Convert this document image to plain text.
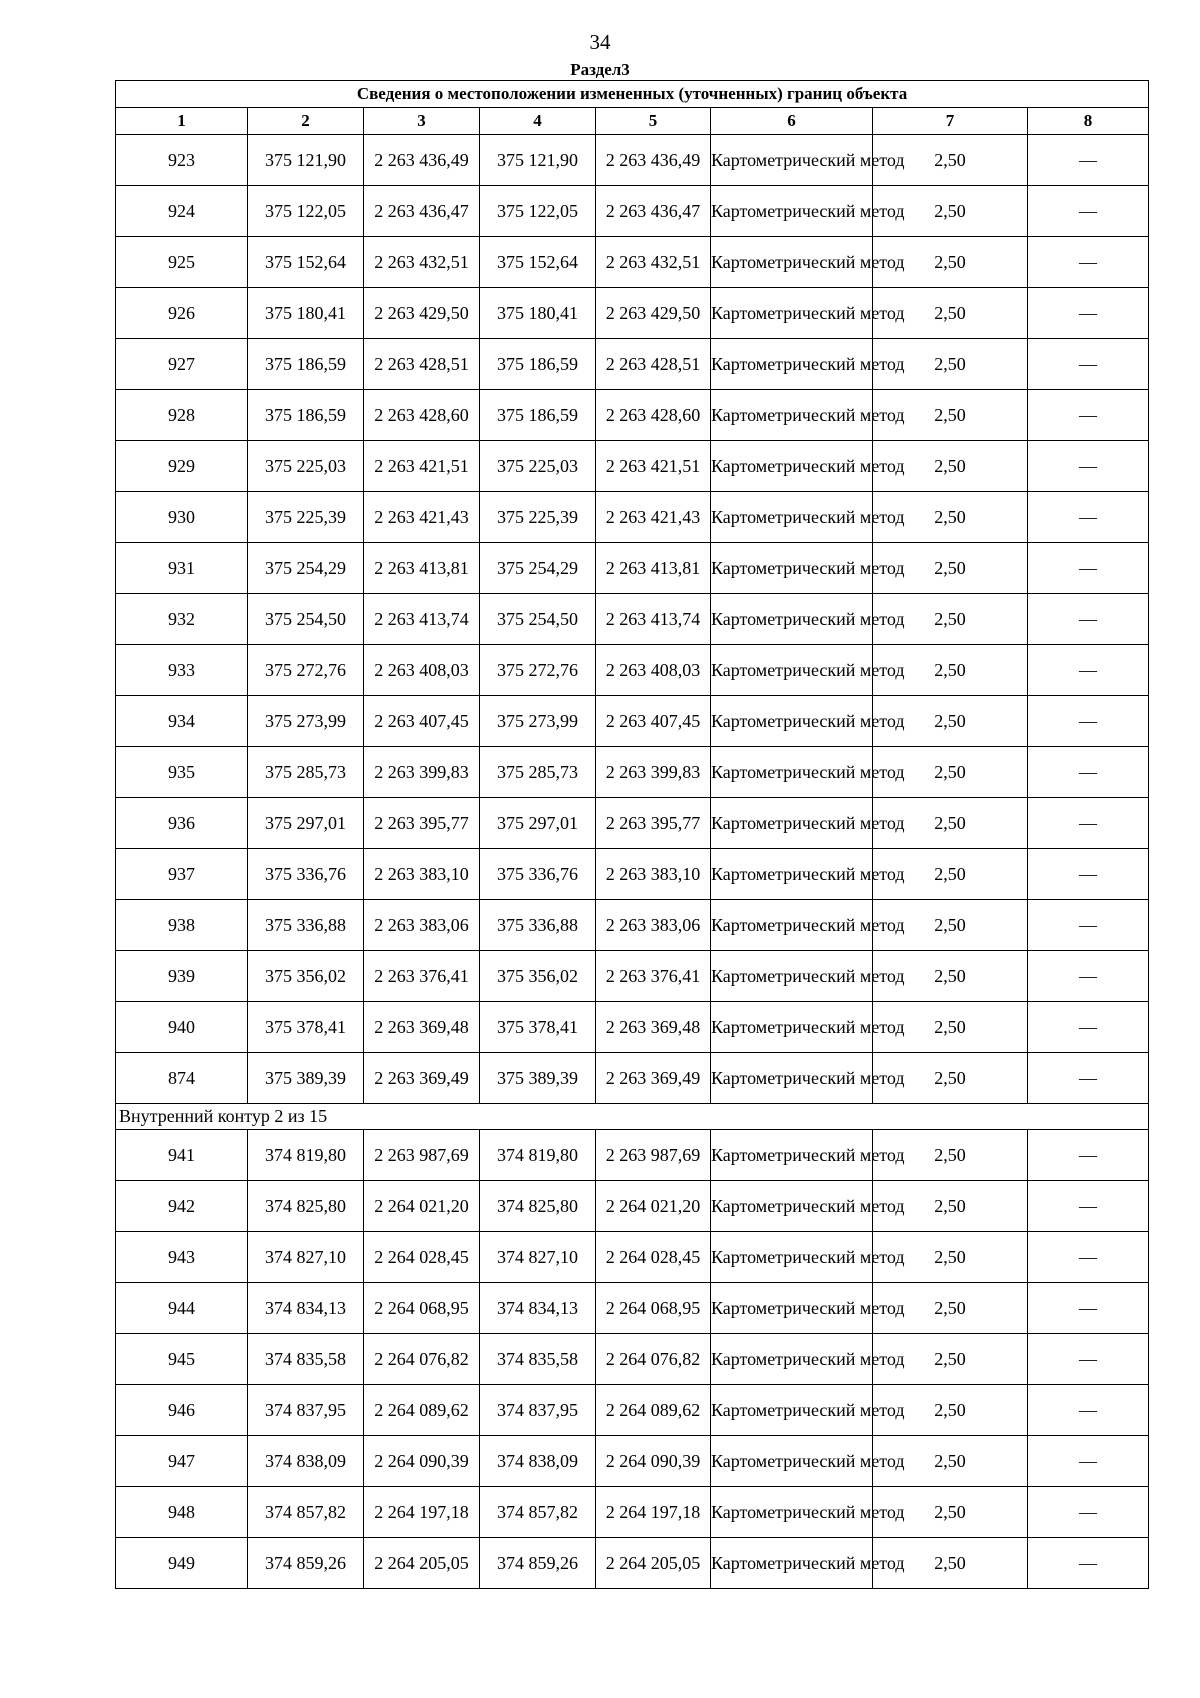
34
Раздел3
Сведения о местоположении измененных (уточненных) границ объекта							
1	2	3	4	5	6	7	8
923	375 121,90	2 263 436,49	375 121,90	2 263 436,49	Картометрический метод	2,50	—
924	375 122,05	2 263 436,47	375 122,05	2 263 436,47	Картометрический метод	2,50	—
925	375 152,64	2 263 432,51	375 152,64	2 263 432,51	Картометрический метод	2,50	—
926	375 180,41	2 263 429,50	375 180,41	2 263 429,50	Картометрический метод	2,50	—
927	375 186,59	2 263 428,51	375 186,59	2 263 428,51	Картометрический метод	2,50	—
928	375 186,59	2 263 428,60	375 186,59	2 263 428,60	Картометрический метод	2,50	—
929	375 225,03	2 263 421,51	375 225,03	2 263 421,51	Картометрический метод	2,50	—
930	375 225,39	2 263 421,43	375 225,39	2 263 421,43	Картометрический метод	2,50	—
931	375 254,29	2 263 413,81	375 254,29	2 263 413,81	Картометрический метод	2,50	—
932	375 254,50	2 263 413,74	375 254,50	2 263 413,74	Картометрический метод	2,50	—
933	375 272,76	2 263 408,03	375 272,76	2 263 408,03	Картометрический метод	2,50	—
934	375 273,99	2 263 407,45	375 273,99	2 263 407,45	Картометрический метод	2,50	—
935	375 285,73	2 263 399,83	375 285,73	2 263 399,83	Картометрический метод	2,50	—
936	375 297,01	2 263 395,77	375 297,01	2 263 395,77	Картометрический метод	2,50	—
937	375 336,76	2 263 383,10	375 336,76	2 263 383,10	Картометрический метод	2,50	—
938	375 336,88	2 263 383,06	375 336,88	2 263 383,06	Картометрический метод	2,50	—
939	375 356,02	2 263 376,41	375 356,02	2 263 376,41	Картометрический метод	2,50	—
940	375 378,41	2 263 369,48	375 378,41	2 263 369,48	Картометрический метод	2,50	—
874	375 389,39	2 263 369,49	375 389,39	2 263 369,49	Картометрический метод	2,50	—
Внутренний контур 2 из 15							
941	374 819,80	2 263 987,69	374 819,80	2 263 987,69	Картометрический метод	2,50	—
942	374 825,80	2 264 021,20	374 825,80	2 264 021,20	Картометрический метод	2,50	—
943	374 827,10	2 264 028,45	374 827,10	2 264 028,45	Картометрический метод	2,50	—
944	374 834,13	2 264 068,95	374 834,13	2 264 068,95	Картометрический метод	2,50	—
945	374 835,58	2 264 076,82	374 835,58	2 264 076,82	Картометрический метод	2,50	—
946	374 837,95	2 264 089,62	374 837,95	2 264 089,62	Картометрический метод	2,50	—
947	374 838,09	2 264 090,39	374 838,09	2 264 090,39	Картометрический метод	2,50	—
948	374 857,82	2 264 197,18	374 857,82	2 264 197,18	Картометрический метод	2,50	—
949	374 859,26	2 264 205,05	374 859,26	2 264 205,05	Картометрический метод	2,50	—
